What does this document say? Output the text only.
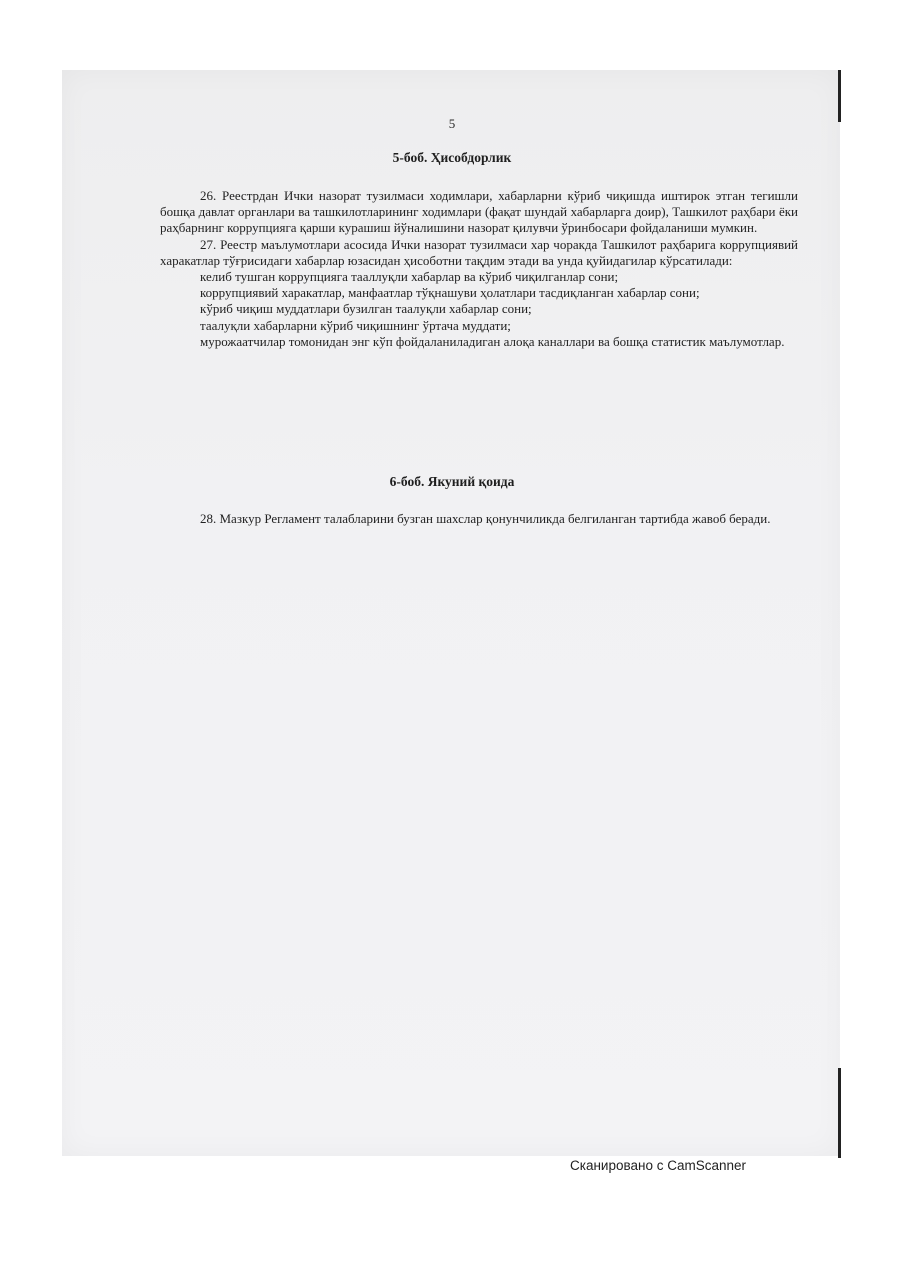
5
5-боб. Ҳисобдорлик

26. Реестрдан Ички назорат тузилмаси ходимлари, хабарларни кўриб чиқишда иштирок этган тегишли бошқа давлат органлари ва ташкилотларининг ходимлари (фақат шундай хабарларга доир), Ташкилот раҳбари ёки раҳбарнинг коррупцияга қарши курашиш йўналишини назорат қилувчи ўринбосари фойдаланиши мумкин.

27. Реестр маълумотлари асосида Ички назорат тузилмаси хар чоракда Ташкилот раҳбарига коррупциявий харакатлар тўғрисидаги хабарлар юзасидан ҳисоботни тақдим этади ва унда қуйидагилар кўрсатилади:

келиб тушган коррупцияга тааллуқли хабарлар ва кўриб чиқилганлар сони;

коррупциявий харакатлар, манфаатлар тўқнашуви ҳолатлари тасдиқланган хабарлар сони;

кўриб чиқиш муддатлари бузилган таалуқли хабарлар сони;

таалуқли хабарларни кўриб чиқишнинг ўртача муддати;

мурожаатчилар томонидан энг кўп фойдаланиладиган алоқа каналлари ва бошқа статистик маълумотлар.

6-боб. Якуний қоида

28. Мазкур Регламент талабларини бузган шахслар қонунчиликда белгиланган тартибда жавоб беради.

Сканировано с CamScanner
